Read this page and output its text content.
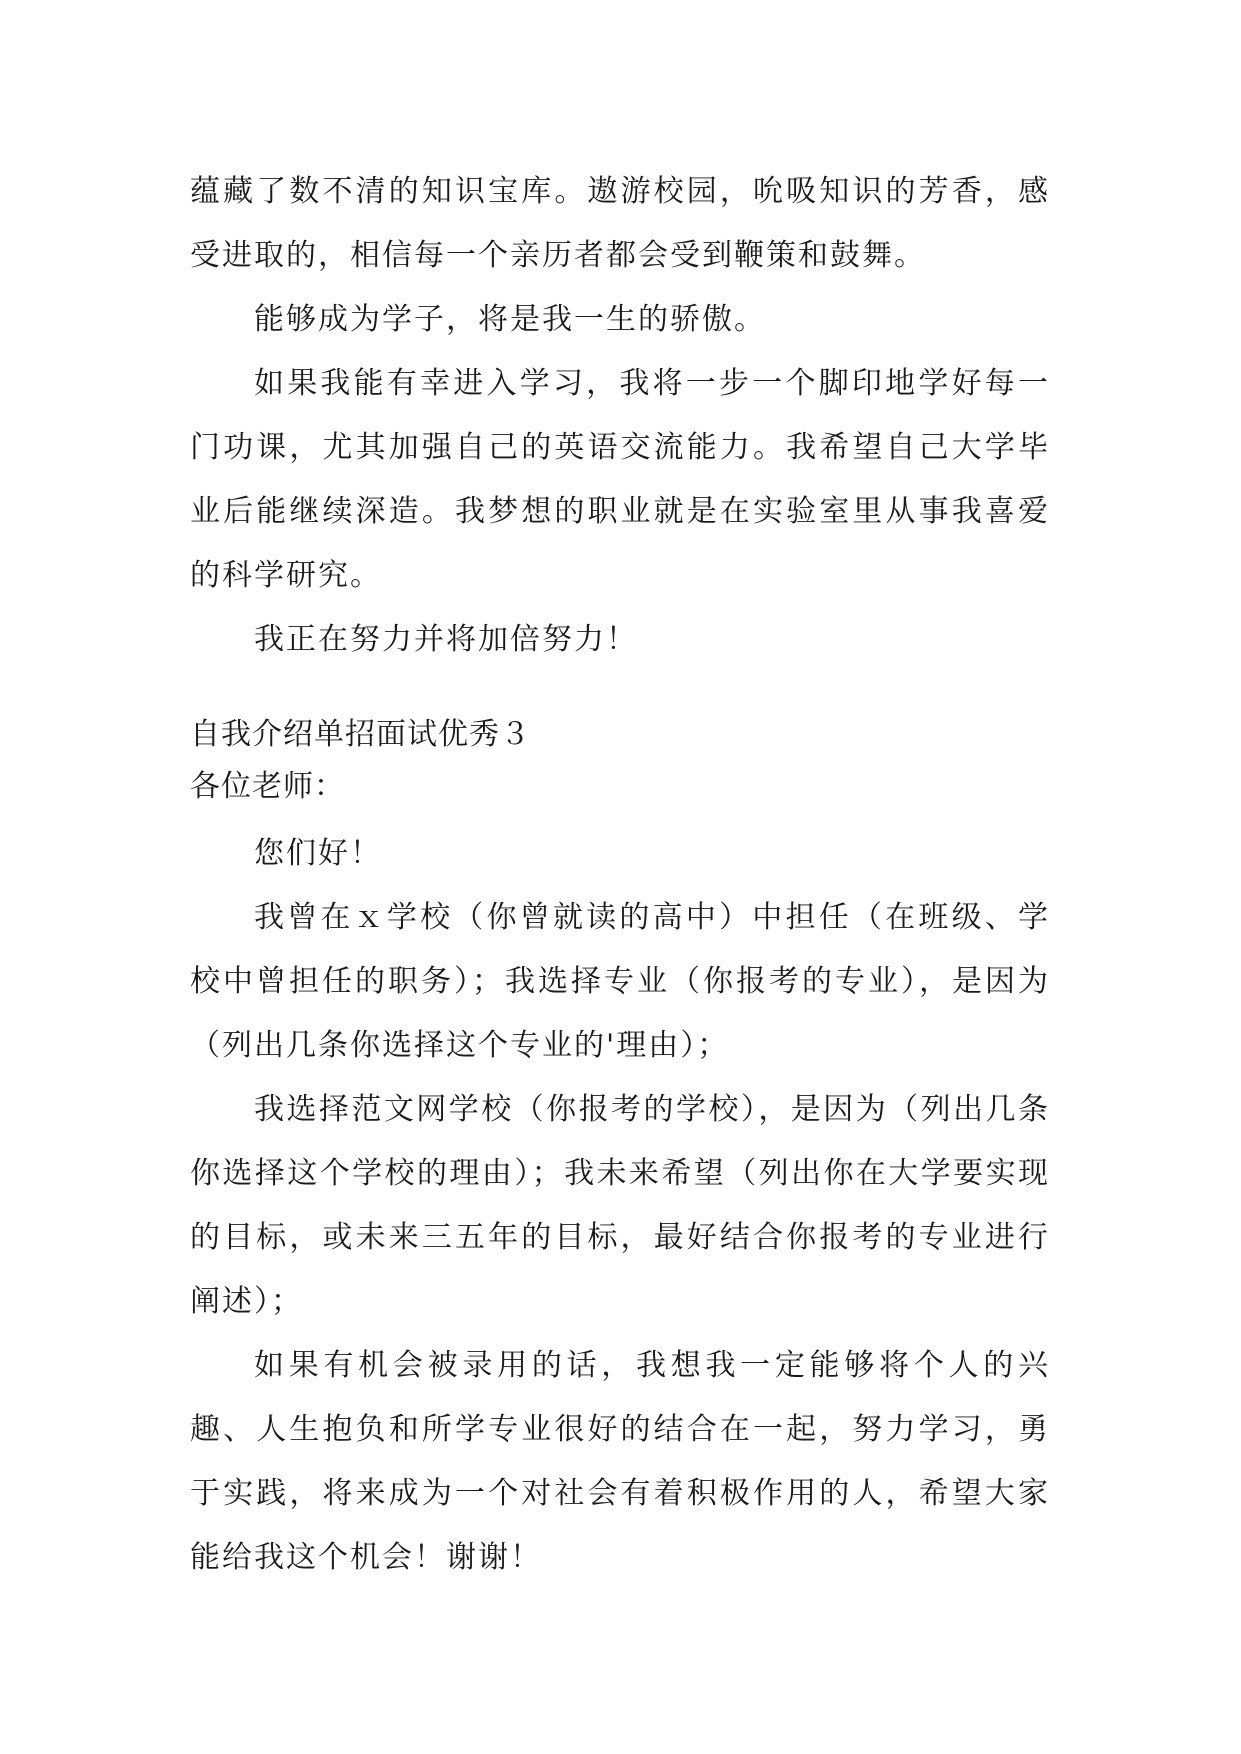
蕴藏了数不清的知识宝库。遨游校园，吮吸知识的芳香，感受进取的，相信每一个亲历者都会受到鞭策和鼓舞。

能够成为学子，将是我一生的骄傲。

如果我能有幸进入学习，我将一步一个脚印地学好每一门功课，尤其加强自己的英语交流能力。我希望自己大学毕业后能继续深造。我梦想的职业就是在实验室里从事我喜爱的科学研究。

我正在努力并将加倍努力！

自我介绍单招面试优秀３

各位老师：

您们好！

我曾在ｘ学校（你曾就读的高中）中担任（在班级、学校中曾担任的职务）；我选择专业（你报考的专业），是因为（列出几条你选择这个专业的'理由）；

我选择范文网学校（你报考的学校），是因为（列出几条你选择这个学校的理由）；我未来希望（列出你在大学要实现的目标，或未来三五年的目标，最好结合你报考的专业进行阐述）；

如果有机会被录用的话，我想我一定能够将个人的兴趣、人生抱负和所学专业很好的结合在一起，努力学习，勇于实践，将来成为一个对社会有着积极作用的人，希望大家能给我这个机会！谢谢！
